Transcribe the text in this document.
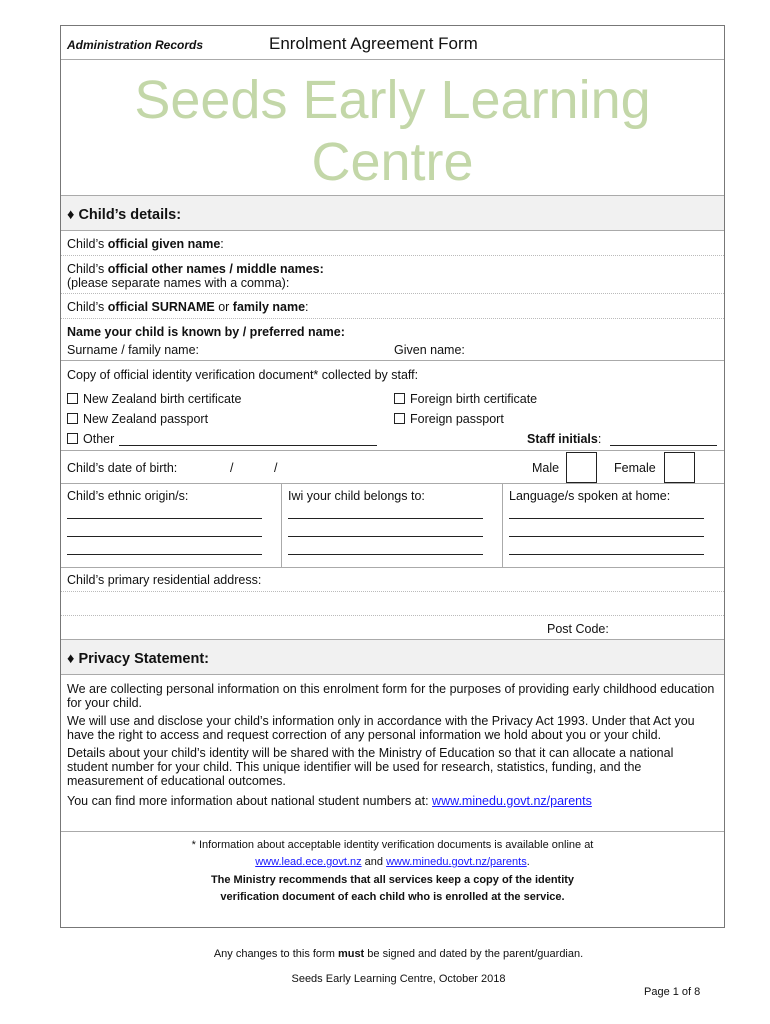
Administration Records	Enrolment Agreement Form
Seeds Early Learning
Centre
♦ Child’s details:
Child’s official given name:
Child’s official other names / middle names:
(please separate names with a comma):
Child’s official SURNAME or family name:
Name your child is known by / preferred name:
Surname / family name:	Given name:
Copy of official identity verification document* collected by staff:
New Zealand birth certificate	Foreign birth certificate
New Zealand passport	Foreign passport
Other	Staff initials:
Child’s date of birth:	/	/	Male	Female
Child’s ethnic origin/s:	Iwi your child belongs to:	Language/s spoken at home:
Child’s primary residential address:
Post Code:
♦ Privacy Statement:
We are collecting personal information on this enrolment form for the purposes of providing early childhood education for your child.
We will use and disclose your child’s information only in accordance with the Privacy Act 1993. Under that Act you have the right to access and request correction of any personal information we hold about you or your child.
Details about your child’s identity will be shared with the Ministry of Education so that it can allocate a national student number for your child. This unique identifier will be used for research, statistics, funding, and the measurement of educational outcomes.
You can find more information about national student numbers at: www.minedu.govt.nz/parents
* Information about acceptable identity verification documents is available online at
www.lead.ece.govt.nz and www.minedu.govt.nz/parents.
The Ministry recommends that all services keep a copy of the identity
verification document of each child who is enrolled at the service.
Any changes to this form must be signed and dated by the parent/guardian.
Seeds Early Learning Centre, October 2018
Page 1 of 8
